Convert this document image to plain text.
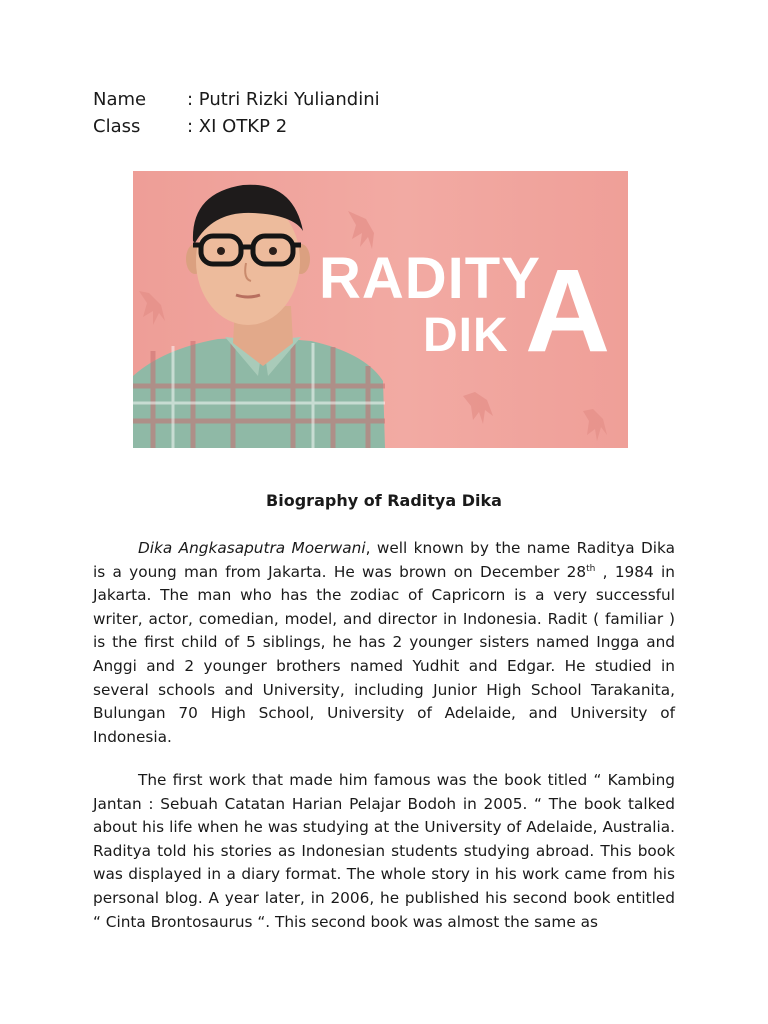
Name	: Putri Rizki Yuliandini
Class	: XI OTKP 2
RADITY
DIK A
Biography of Raditya Dika
Dika Angkasaputra Moerwani, well known by the name Raditya Dika is a young man from Jakarta. He was brown on December 28th , 1984 in Jakarta. The man who has the zodiac of Capricorn is a very successful writer, actor, comedian, model, and director in Indonesia. Radit ( familiar ) is the first child of 5 siblings, he has 2 younger sisters named Ingga and Anggi and 2 younger brothers named Yudhit and Edgar. He studied in several schools and University, including Junior High School Tarakanita, Bulungan 70 High School, University of Adelaide, and University of Indonesia.
The first work that made him famous was the book titled “ Kambing Jantan : Sebuah Catatan Harian Pelajar Bodoh in 2005. “ The book talked about his life when he was studying at the University of Adelaide, Australia. Raditya told his stories as Indonesian students studying abroad. This book was displayed in a diary format. The whole story in his work came from his personal blog. A year later, in 2006, he published his second book entitled “ Cinta Brontosaurus “. This second book was almost the same as
